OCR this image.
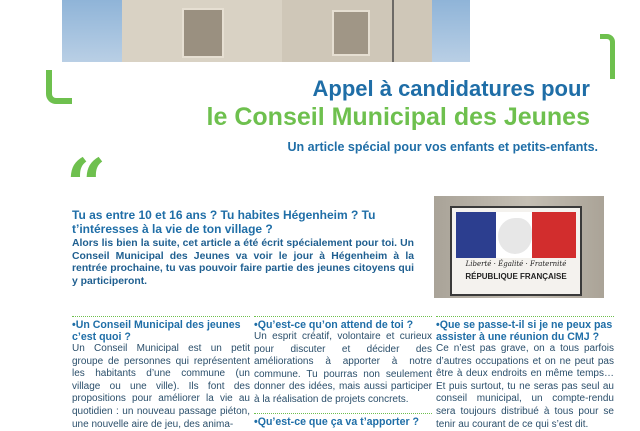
Appel à candidatures pour
le Conseil Municipal des Jeunes
Un article spécial pour vos enfants et petits-enfants.
“
Tu as entre 10 et 16 ans ? Tu habites Hégenheim ? Tu t’intéresses à la vie de ton village ?
Alors lis bien la suite, cet article a été écrit spécialement pour toi. Un Conseil Municipal des Jeunes va voir le jour à Hégenheim à la rentrée prochaine, tu vas pouvoir faire partie des jeunes citoyens qui y participeront.
Liberté · Égalité · Fraternité
RÉPUBLIQUE FRANÇAISE
•Un Conseil Municipal des jeunes c’est quoi ?

Un Conseil Municipal est un petit groupe de personnes qui représentent les habitants d’une commune (un village ou une ville). Ils font des propositions pour améliorer la vie au quotidien : un nouveau passage piéton, une nouvelle aire de jeu, des anima-

•Qu’est-ce qu’on attend de toi ?

Un esprit créatif, volontaire et curieux pour discuter et décider des améliorations à apporter à notre commune. Tu pourras non seulement donner des idées, mais aussi participer à la réalisation de projets concrets.

•Qu’est-ce que ça va t’apporter ?
•Que se passe-t-il si je ne peux pas assister à une réunion du CMJ ?

Ce n’est pas grave, on a tous parfois d’autres occupations et on ne peut pas être à deux endroits en même temps… Et puis surtout, tu ne seras pas seul au conseil municipal, un compte-rendu sera toujours distribué à tous pour se tenir au courant de ce qui s’est dit.
